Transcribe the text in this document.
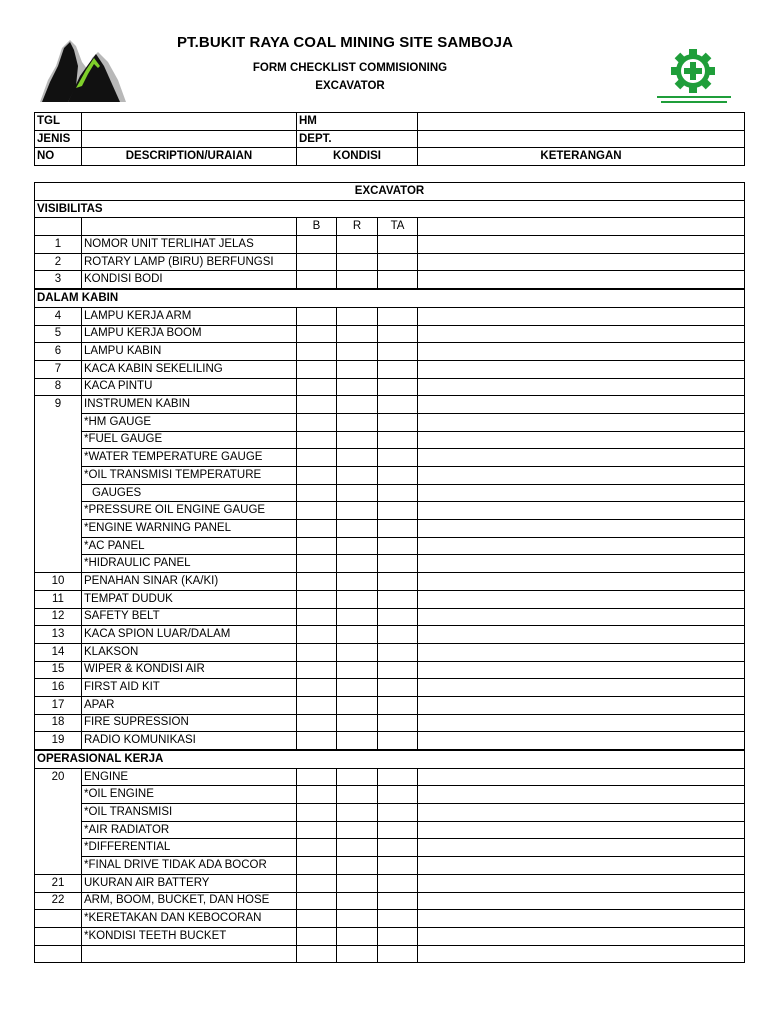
PT.BUKIT RAYA COAL MINING SITE SAMBOJA
FORM CHECKLIST COMMISIONING
EXCAVATOR
TGL		HM	
JENIS		DEPT.	
NO	DESCRIPTION/URAIAN	KONDISI	KETERANGAN
EXCAVATOR					
VISIBILITAS					
		B	R	TA	
1	NOMOR UNIT TERLIHAT JELAS				
2	ROTARY LAMP (BIRU) BERFUNGSI				
3	KONDISI BODI				
DALAM KABIN					
4	LAMPU KERJA ARM				
5	LAMPU KERJA BOOM				
6	LAMPU KABIN				
7	KACA KABIN SEKELILING				
8	KACA PINTU				
9	INSTRUMEN KABIN				
	*HM GAUGE				
	*FUEL GAUGE				
	*WATER TEMPERATURE GAUGE				
	*OIL TRANSMISI TEMPERATURE				
	GAUGES				
	*PRESSURE OIL ENGINE GAUGE				
	*ENGINE WARNING PANEL				
	*AC PANEL				
	*HIDRAULIC PANEL				
10	PENAHAN SINAR (KA/KI)				
11	TEMPAT DUDUK				
12	SAFETY BELT				
13	KACA SPION LUAR/DALAM				
14	KLAKSON				
15	WIPER & KONDISI AIR				
16	FIRST AID KIT				
17	APAR				
18	FIRE SUPRESSION				
19	RADIO KOMUNIKASI				
OPERASIONAL KERJA					
20	ENGINE				
	*OIL ENGINE				
	*OIL TRANSMISI				
	*AIR RADIATOR				
	*DIFFERENTIAL				
	*FINAL DRIVE TIDAK ADA BOCOR				
21	UKURAN AIR BATTERY				
22	ARM, BOOM, BUCKET, DAN HOSE				
	*KERETAKAN DAN KEBOCORAN				
	*KONDISI TEETH BUCKET				
